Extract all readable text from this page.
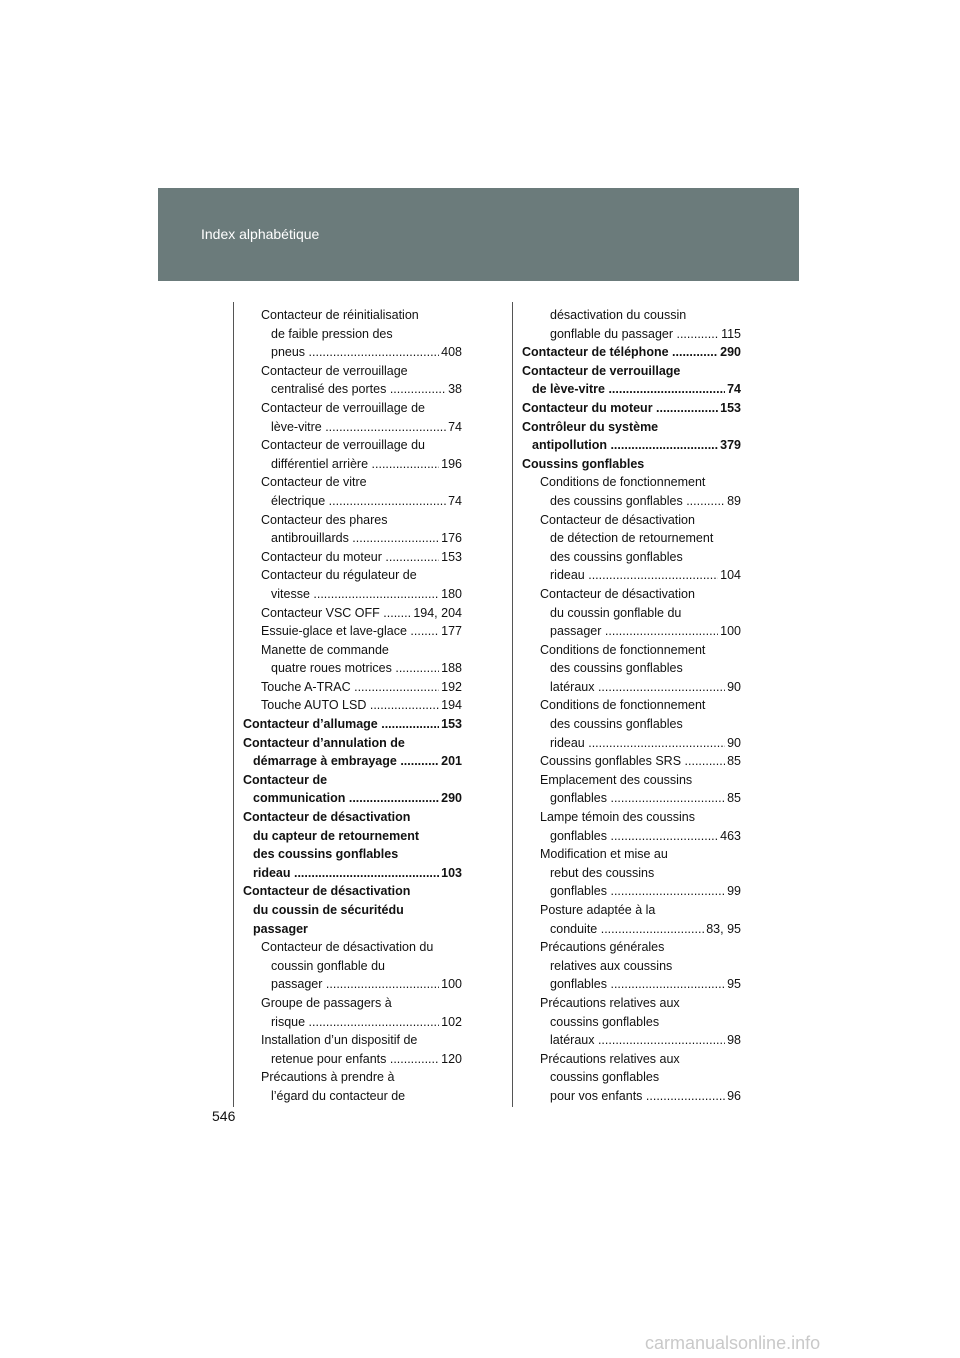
Index alphabétique
Contacteur de réinitialisation
de faible pression des
pneus .....	408
Contacteur de verrouillage
centralisé des portes .....	38
Contacteur de verrouillage de
lève-vitre .....	74
Contacteur de verrouillage du
différentiel arrière .....	196
Contacteur de vitre
électrique .....	74
Contacteur des phares
antibrouillards .....	176
Contacteur du moteur .....	153
Contacteur du régulateur de
vitesse .....	180
Contacteur VSC OFF .....	194, 204
Essuie-glace et lave-glace .....	177
Manette de commande
quatre roues motrices .....	188
Touche A-TRAC .....	192
Touche AUTO LSD .....	194
Contacteur d’allumage .....	153
Contacteur d’annulation de
démarrage à embrayage .....	201
Contacteur de
communication .....	290
Contacteur de désactivation
du capteur de retournement
des coussins gonflables
rideau .....	103
Contacteur de désactivation
du coussin de sécuritédu
passager
Contacteur de désactivation du
coussin gonflable du
passager .....	100
Groupe de passagers à
risque .....	102
Installation d’un dispositif de
retenue pour enfants .....	120
Précautions à prendre à
l’égard du contacteur de
désactivation du coussin
gonflable du passager .....	115
Contacteur de téléphone .....	290
Contacteur de verrouillage
de lève-vitre .....	74
Contacteur du moteur .....	153
Contrôleur du système
antipollution .....	379
Coussins gonflables
Conditions de fonctionnement
des coussins gonflables .....	89
Contacteur de désactivation
de détection de retournement
des coussins gonflables
rideau .....	104
Contacteur de désactivation
du coussin gonflable du
passager .....	100
Conditions de fonctionnement
des coussins gonflables
latéraux .....	90
Conditions de fonctionnement
des coussins gonflables
rideau .....	90
Coussins gonflables SRS .....	85
Emplacement des coussins
gonflables .....	85
Lampe témoin des coussins
gonflables .....	463
Modification et mise au
rebut des coussins
gonflables .....	99
Posture adaptée à la
conduite .....	83, 95
Précautions générales
relatives aux coussins
gonflables .....	95
Précautions relatives aux
coussins gonflables
latéraux .....	98
Précautions relatives aux
coussins gonflables
pour vos enfants .....	96
546
carmanualsonline.info
